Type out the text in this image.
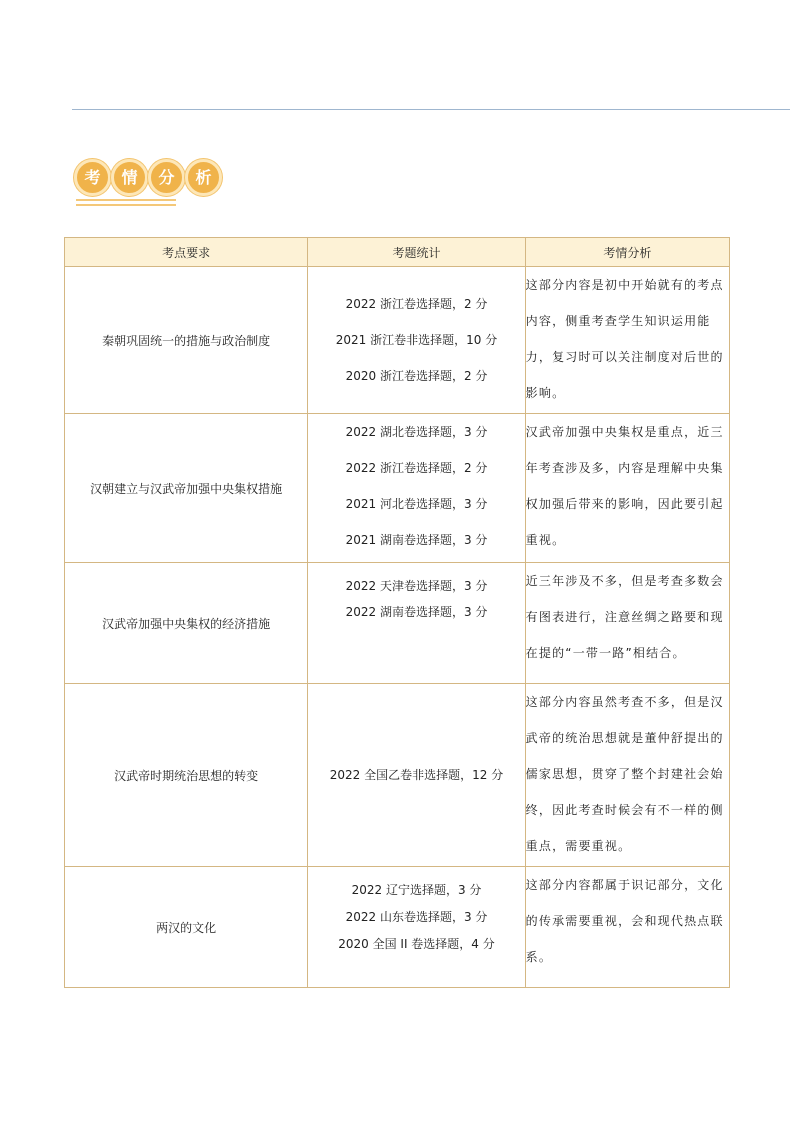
考	情	分	析
考点要求	考题统计	考情分析
秦朝巩固统一的措施与政治制度	2022 浙江卷选择题，2 分
2021 浙江卷非选择题，10 分
2020 浙江卷选择题，2 分	这部分内容是初中开始就有的考点内容，侧重考查学生知识运用能力，复习时可以关注制度对后世的影响。
汉朝建立与汉武帝加强中央集权措施	2022 湖北卷选择题，3 分
2022 浙江卷选择题，2 分
2021 河北卷选择题，3 分
2021 湖南卷选择题，3 分	汉武帝加强中央集权是重点，近三年考查涉及多，内容是理解中央集权加强后带来的影响，因此要引起重视。
汉武帝加强中央集权的经济措施	2022 天津卷选择题，3 分
2022 湖南卷选择题，3 分	近三年涉及不多，但是考查多数会有图表进行，注意丝绸之路要和现在提的“一带一路”相结合。
汉武帝时期统治思想的转变	2022 全国乙卷非选择题，12 分	这部分内容虽然考查不多，但是汉武帝的统治思想就是董仲舒提出的儒家思想，贯穿了整个封建社会始终，因此考查时候会有不一样的侧重点，需要重视。
两汉的文化	2022 辽宁选择题，3 分
2022 山东卷选择题，3 分
2020 全国 II 卷选择题，4 分	这部分内容都属于识记部分，文化的传承需要重视，会和现代热点联系。
